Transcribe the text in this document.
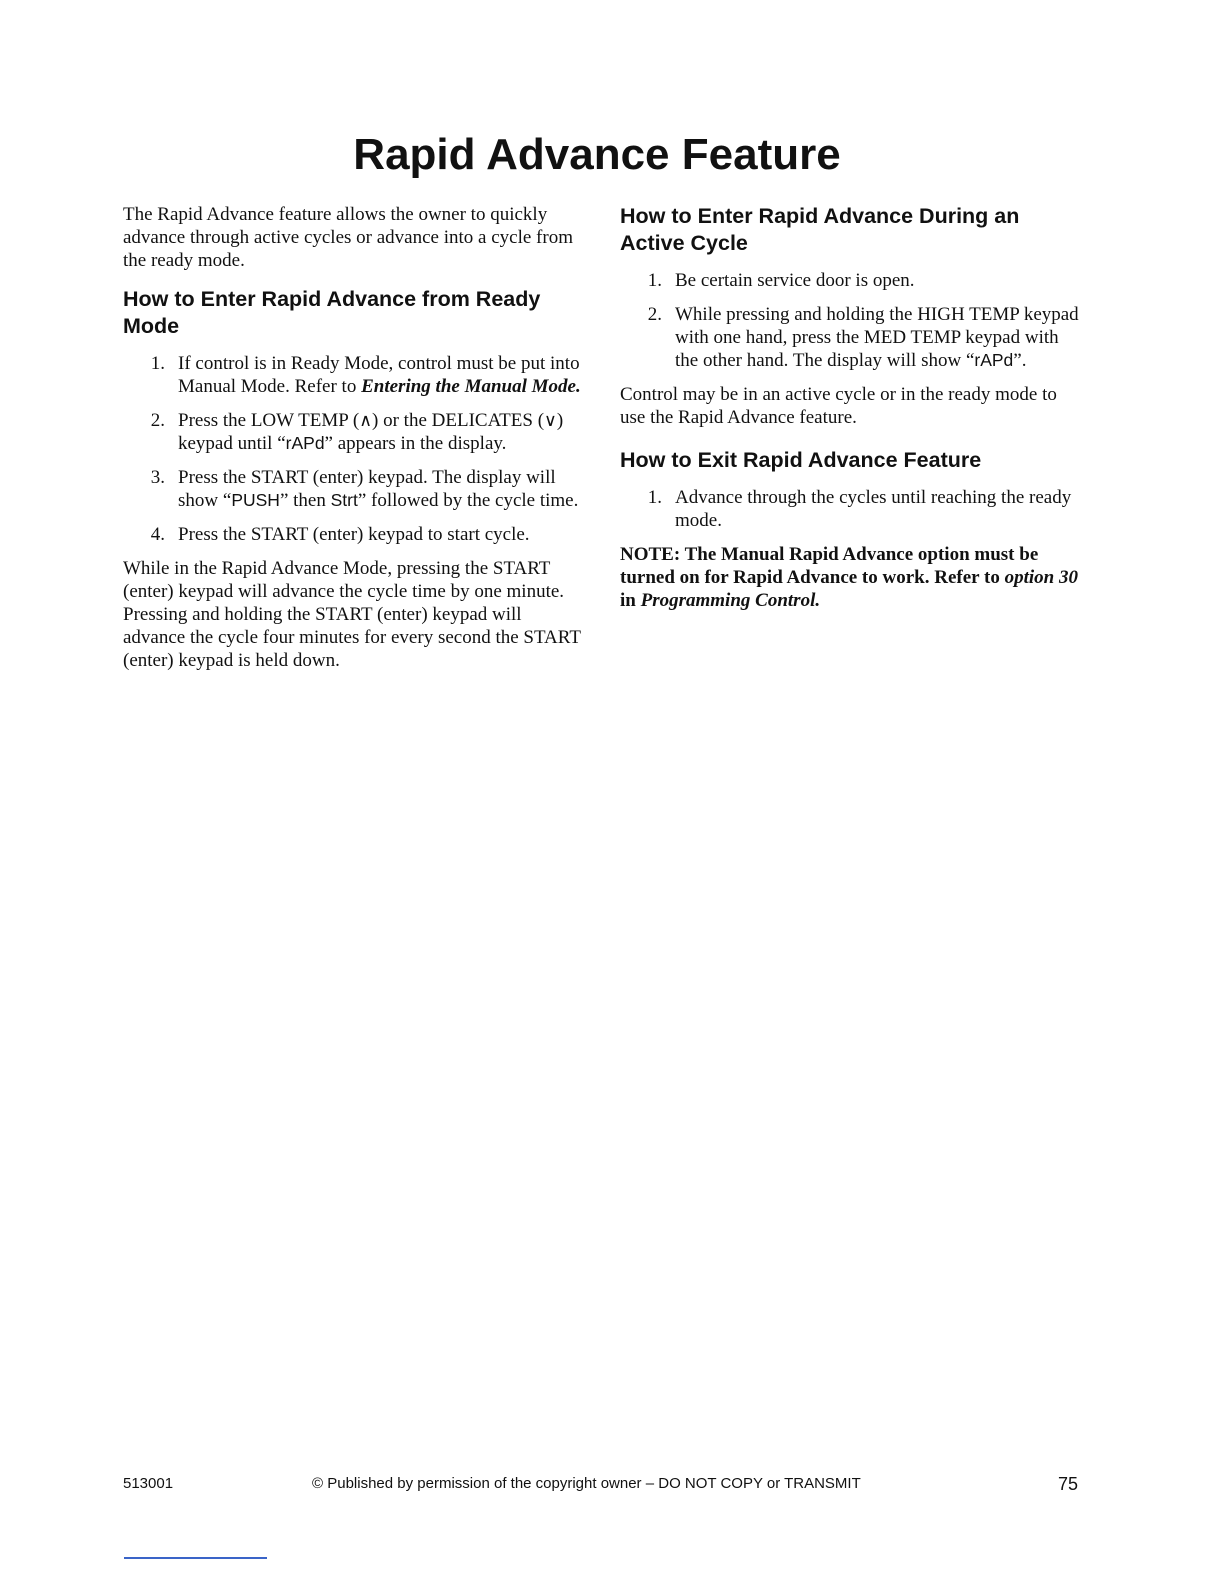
Rapid Advance Feature

The Rapid Advance feature allows the owner to quickly advance through active cycles or advance into a cycle from the ready mode.

How to Enter Rapid Advance from Ready Mode
1. If control is in Ready Mode, control must be put into Manual Mode. Refer to Entering the Manual Mode.
2. Press the LOW TEMP (∧) or the DELICATES (∨) keypad until “rAPd” appears in the display.
3. Press the START (enter) keypad. The display will show “PUSH” then Strt” followed by the cycle time.
4. Press the START (enter) keypad to start cycle.

While in the Rapid Advance Mode, pressing the START (enter) keypad will advance the cycle time by one minute. Pressing and holding the START (enter) keypad will advance the cycle four minutes for every second the START (enter) keypad is held down.

How to Enter Rapid Advance During an Active Cycle
1. Be certain service door is open.
2. While pressing and holding the HIGH TEMP keypad with one hand, press the MED TEMP keypad with the other hand. The display will show “rAPd”.

Control may be in an active cycle or in the ready mode to use the Rapid Advance feature.

How to Exit Rapid Advance Feature
1. Advance through the cycles until reaching the ready mode.

NOTE: The Manual Rapid Advance option must be turned on for Rapid Advance to work. Refer to option 30 in Programming Control.

513001	© Published by permission of the copyright owner – DO NOT COPY or TRANSMIT	75
